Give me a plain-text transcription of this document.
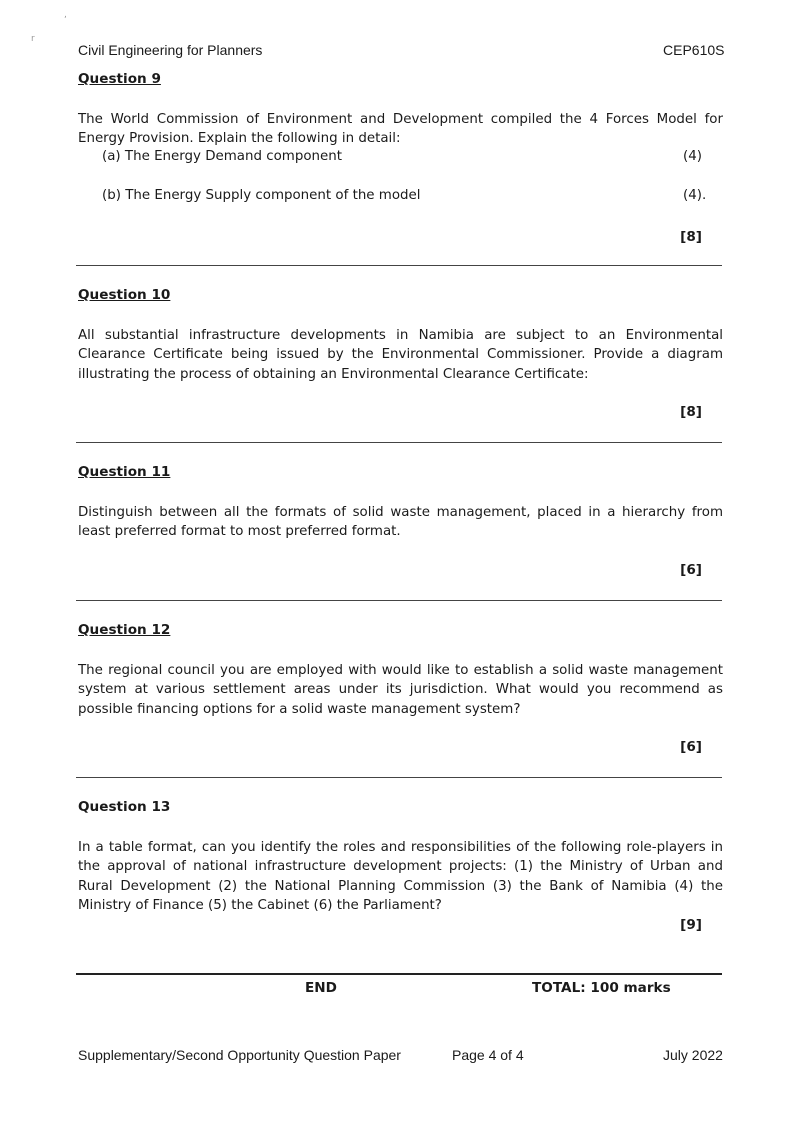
,
r
Civil Engineering for Planners	CEP610S
Question 9
The World Commission of Environment and Development compiled the 4 Forces Model for Energy Provision. Explain the following in detail:
(a) The Energy Demand component	(4)
(b) The Energy Supply component of the model	(4).
[8]
Question 10
All substantial infrastructure developments in Namibia are subject to an Environmental Clearance Certificate being issued by the Environmental Commissioner. Provide a diagram illustrating the process of obtaining an Environmental Clearance Certificate:
[8]
Question 11
Distinguish between all the formats of solid waste management, placed in a hierarchy from least preferred format to most preferred format.
[6]
Question 12
The regional council you are employed with would like to establish a solid waste management system at various settlement areas under its jurisdiction. What would you recommend as possible financing options for a solid waste management system?
[6]
Question 13
In a table format, can you identify the roles and responsibilities of the following role-players in the approval of national infrastructure development projects: (1) the Ministry of Urban and Rural Development (2) the National Planning Commission (3) the Bank of Namibia (4) the Ministry of Finance (5) the Cabinet (6) the Parliament?
[9]
END	TOTAL: 100 marks
Supplementary/Second Opportunity Question Paper	Page 4 of 4	July 2022
